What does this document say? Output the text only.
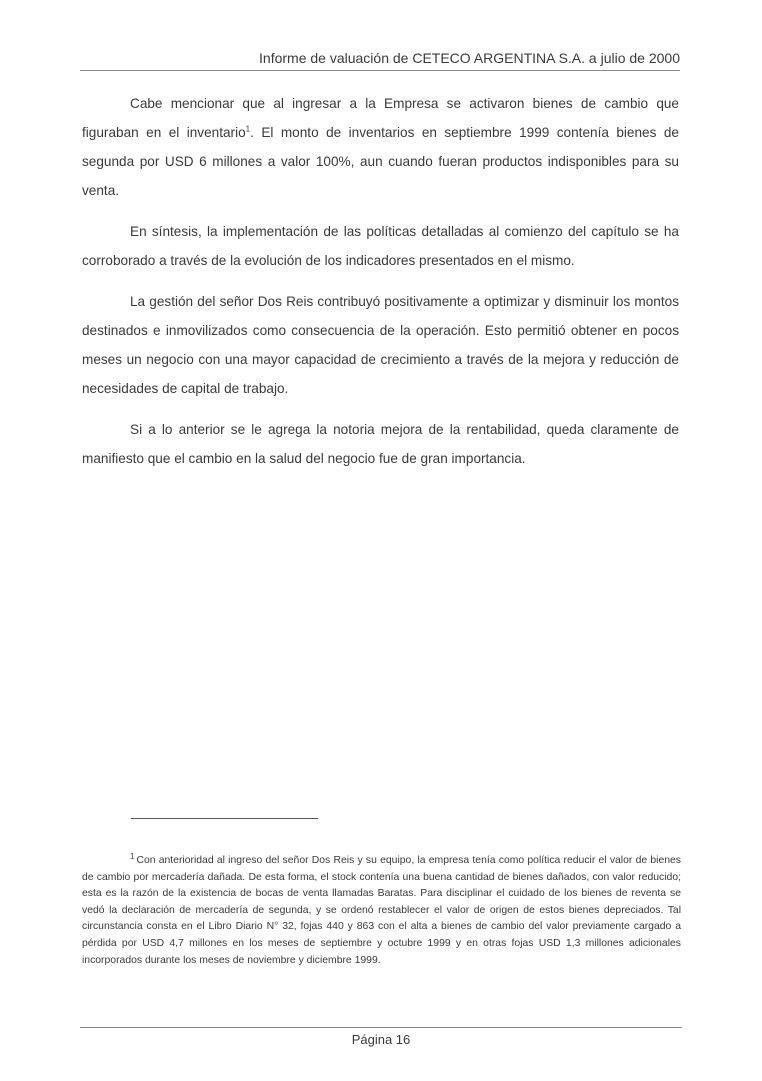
Informe de valuación de CETECO ARGENTINA S.A. a julio de 2000

Cabe mencionar que al ingresar a la Empresa se activaron bienes de cambio que figuraban en el inventario$^1$. El monto de inventarios en septiembre 1999 contenía bienes de segunda por USD 6 millones a valor 100%, aun cuando fueran productos indisponibles para su venta.

En síntesis, la implementación de las políticas detalladas al comienzo del capítulo se ha corroborado a través de la evolución de los indicadores presentados en el mismo.

La gestión del señor Dos Reis contribuyó positivamente a optimizar y disminuir los montos destinados e inmovilizados como consecuencia de la operación. Esto permitió obtener en pocos meses un negocio con una mayor capacidad de crecimiento a través de la mejora y reducción de necesidades de capital de trabajo.

Si a lo anterior se le agrega la notoria mejora de la rentabilidad, queda claramente de manifiesto que el cambio en la salud del negocio fue de gran importancia.

$^1$ Con anterioridad al ingreso del señor Dos Reis y su equipo, la empresa tenía como política reducir el valor de bienes de cambio por mercadería dañada. De esta forma, el stock contenía una buena cantidad de bienes dañados, con valor reducido; esta es la razón de la existencia de bocas de venta llamadas Baratas. Para disciplinar el cuidado de los bienes de reventa se vedó la declaración de mercadería de segunda, y se ordenó restablecer el valor de origen de estos bienes depreciados. Tal circunstancia consta en el Libro Diario N° 32, fojas 440 y 863 con el alta a bienes de cambio del valor previamente cargado a pérdida por USD 4,7 millones en los meses de septiembre y octubre 1999 y en otras fojas USD 1,3 millones adicionales incorporados durante los meses de noviembre y diciembre 1999.

Página 16
